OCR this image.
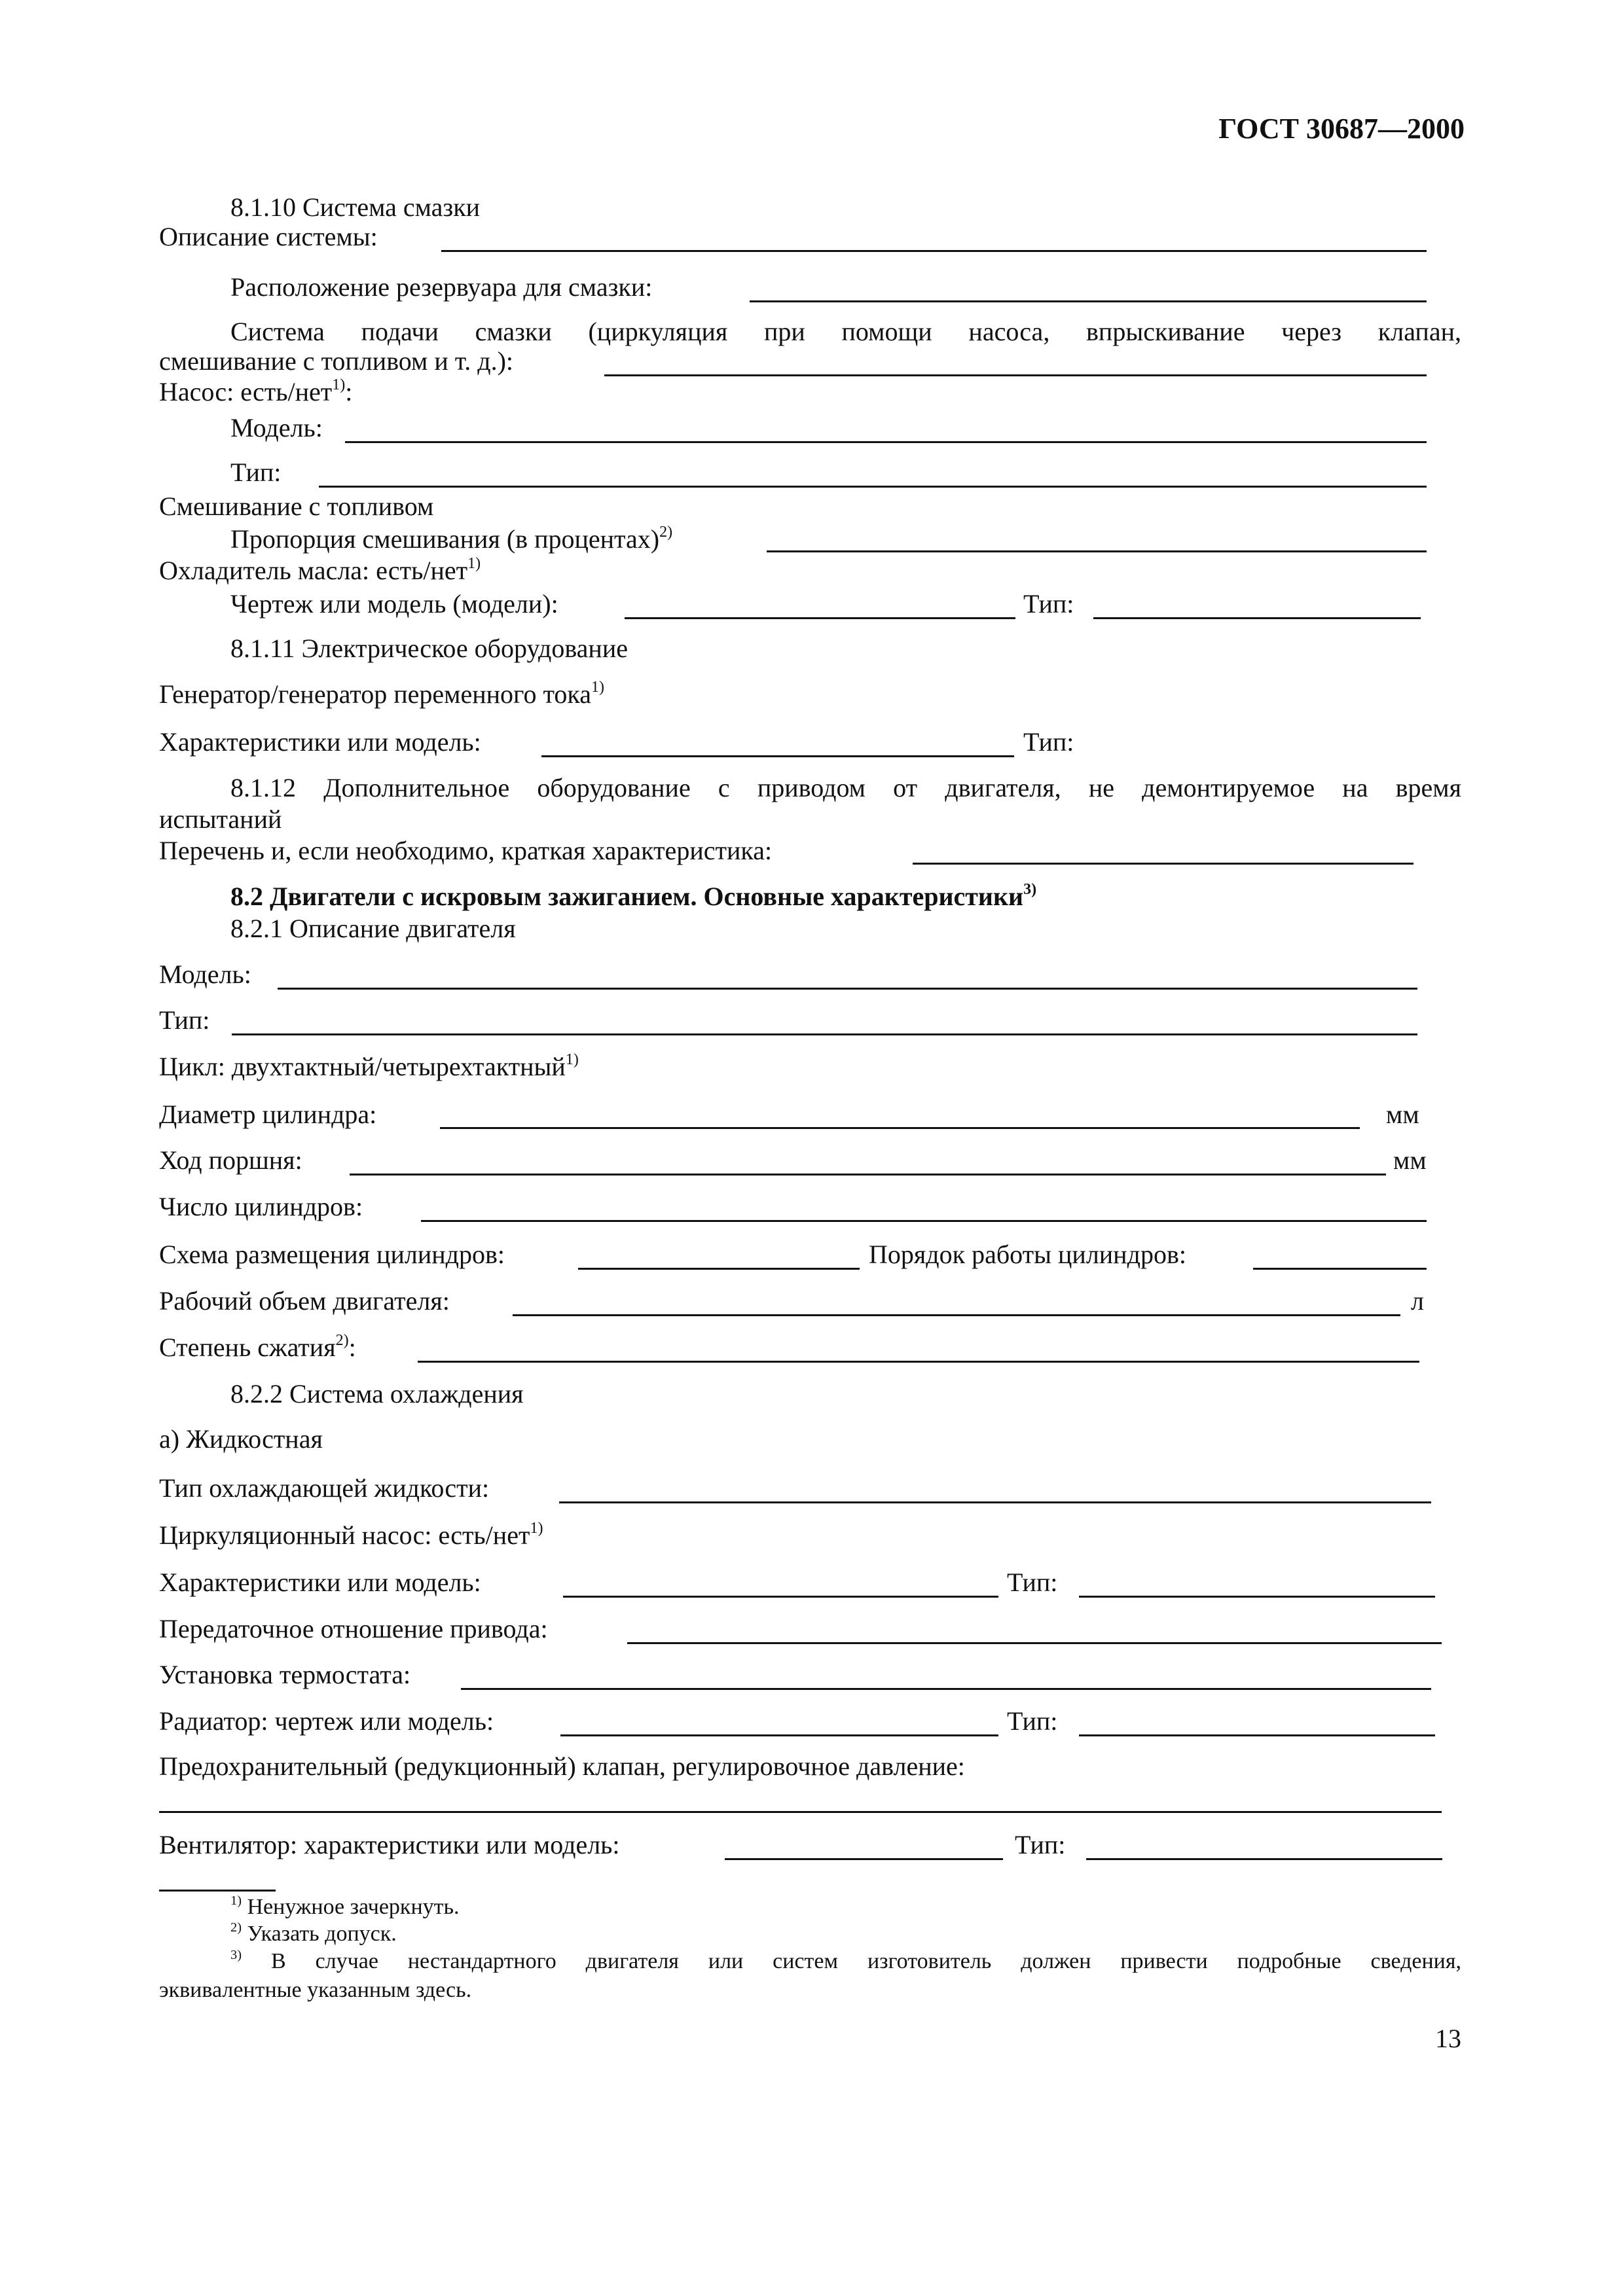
ГОСТ 30687—2000
8.1.10 Система смазки
Описание системы:
Расположение резервуара для смазки:
Система подачи смазки (циркуляция при помощи насоса, впрыскивание через клапан,
смешивание с топливом и т. д.):
Насос: есть/нет$^{1)}$:
Модель:
Тип:
Смешивание с топливом
Пропорция смешивания (в процентах)$^{2)}$
Охладитель масла: есть/нет$^{1)}$
Чертеж или модель (модели):	Тип:
8.1.11 Электрическое оборудование
Генератор/генератор переменного тока$^{1)}$
Характеристики или модель:	Тип:
8.1.12 Дополнительное оборудование с приводом от двигателя, не демонтируемое на время
испытаний
Перечень и, если необходимо, краткая характеристика:
8.2 Двигатели с искровым зажиганием. Основные характеристики$^{3)}$
8.2.1 Описание двигателя
Модель:
Тип:
Цикл: двухтактный/четырехтактный$^{1)}$
Диаметр цилиндра:	мм
Ход поршня:	мм
Число цилиндров:
Схема размещения цилиндров:	Порядок работы цилиндров:
Рабочий объем двигателя:	л
Степень сжатия$^{2)}$:
8.2.2 Система охлаждения
а) Жидкостная
Тип охлаждающей жидкости:
Циркуляционный насос: есть/нет$^{1)}$
Характеристики или модель:	Тип:
Передаточное отношение привода:
Установка термостата:
Радиатор: чертеж или модель:	Тип:
Предохранительный (редукционный) клапан, регулировочное давление:
Вентилятор: характеристики или модель:	Тип:
$^{1)}$ Ненужное зачеркнуть.
$^{2)}$ Указать допуск.
$^{3)}$ В случае нестандартного двигателя или систем изготовитель должен привести подробные сведения,
эквивалентные указанным здесь.
13
